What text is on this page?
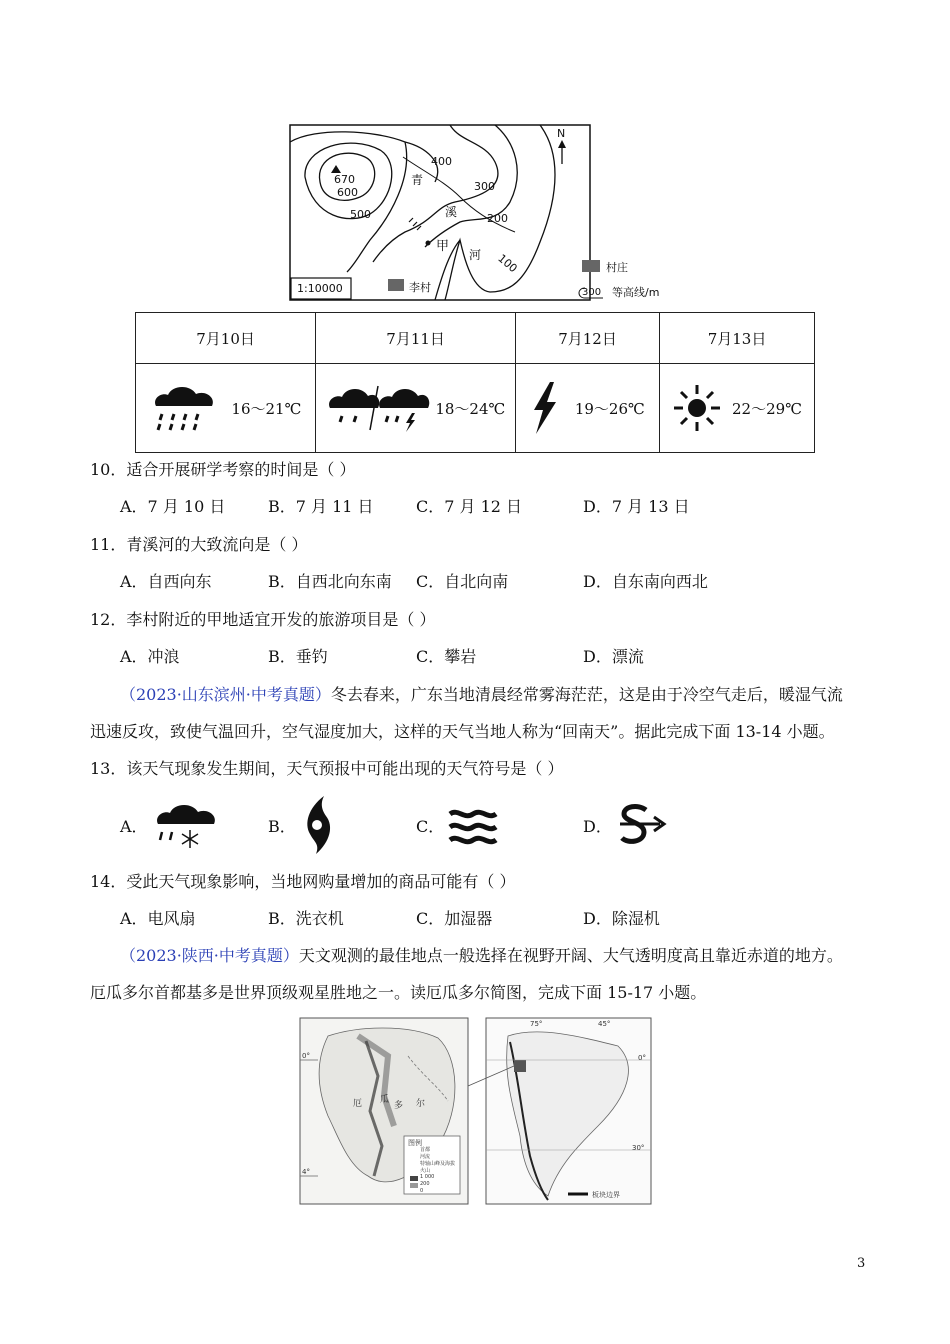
670
600
500
400
300
200
100
青
溪
河
甲
N
1:10000	李村
村庄
300 等高线/m
7月10日	7月11日	7月12日	7月13日

16～21℃	18～24℃	19～26℃	22～29℃
10．适合开展研学考察的时间是（ ）
A．7 月 10 日	B．7 月 11 日	C．7 月 12 日	D．7 月 13 日
11．青溪河的大致流向是（ ）
A．自西向东	B．自西北向东南 C．自北向南	D．自东南向西北
12．李村附近的甲地适宜开发的旅游项目是（ ）
A．冲浪	B．垂钓	C．攀岩	D．漂流
（2023·山东滨州·中考真题）冬去春来，广东当地清晨经常雾海茫茫，这是由于冷空气走后，暖湿气流
迅速反攻，致使气温回升，空气湿度加大，这样的天气当地人称为“回南天”。据此完成下面 13-14 小题。
13．该天气现象发生期间，天气预报中可能出现的天气符号是（ ）
A．	B．	C．	D．
14．受此天气现象影响，当地网购量增加的商品可能有（ ）
A．电风扇	B．洗衣机	C．加湿器	D．除湿机
（2023·陕西·中考真题）天文观测的最佳地点一般选择在视野开阔、大气透明度高且靠近赤道的地方。
厄瓜多尔首都基多是世界顶级观星胜地之一。读厄瓜多尔简图，完成下面 15-17 小题。
0°
4°
厄 瓜
多 尔
图例
首都
河流
特轴山峰及海拔
火山
1 000
200
0
75°	45°
0°
30°
板块边界
3
